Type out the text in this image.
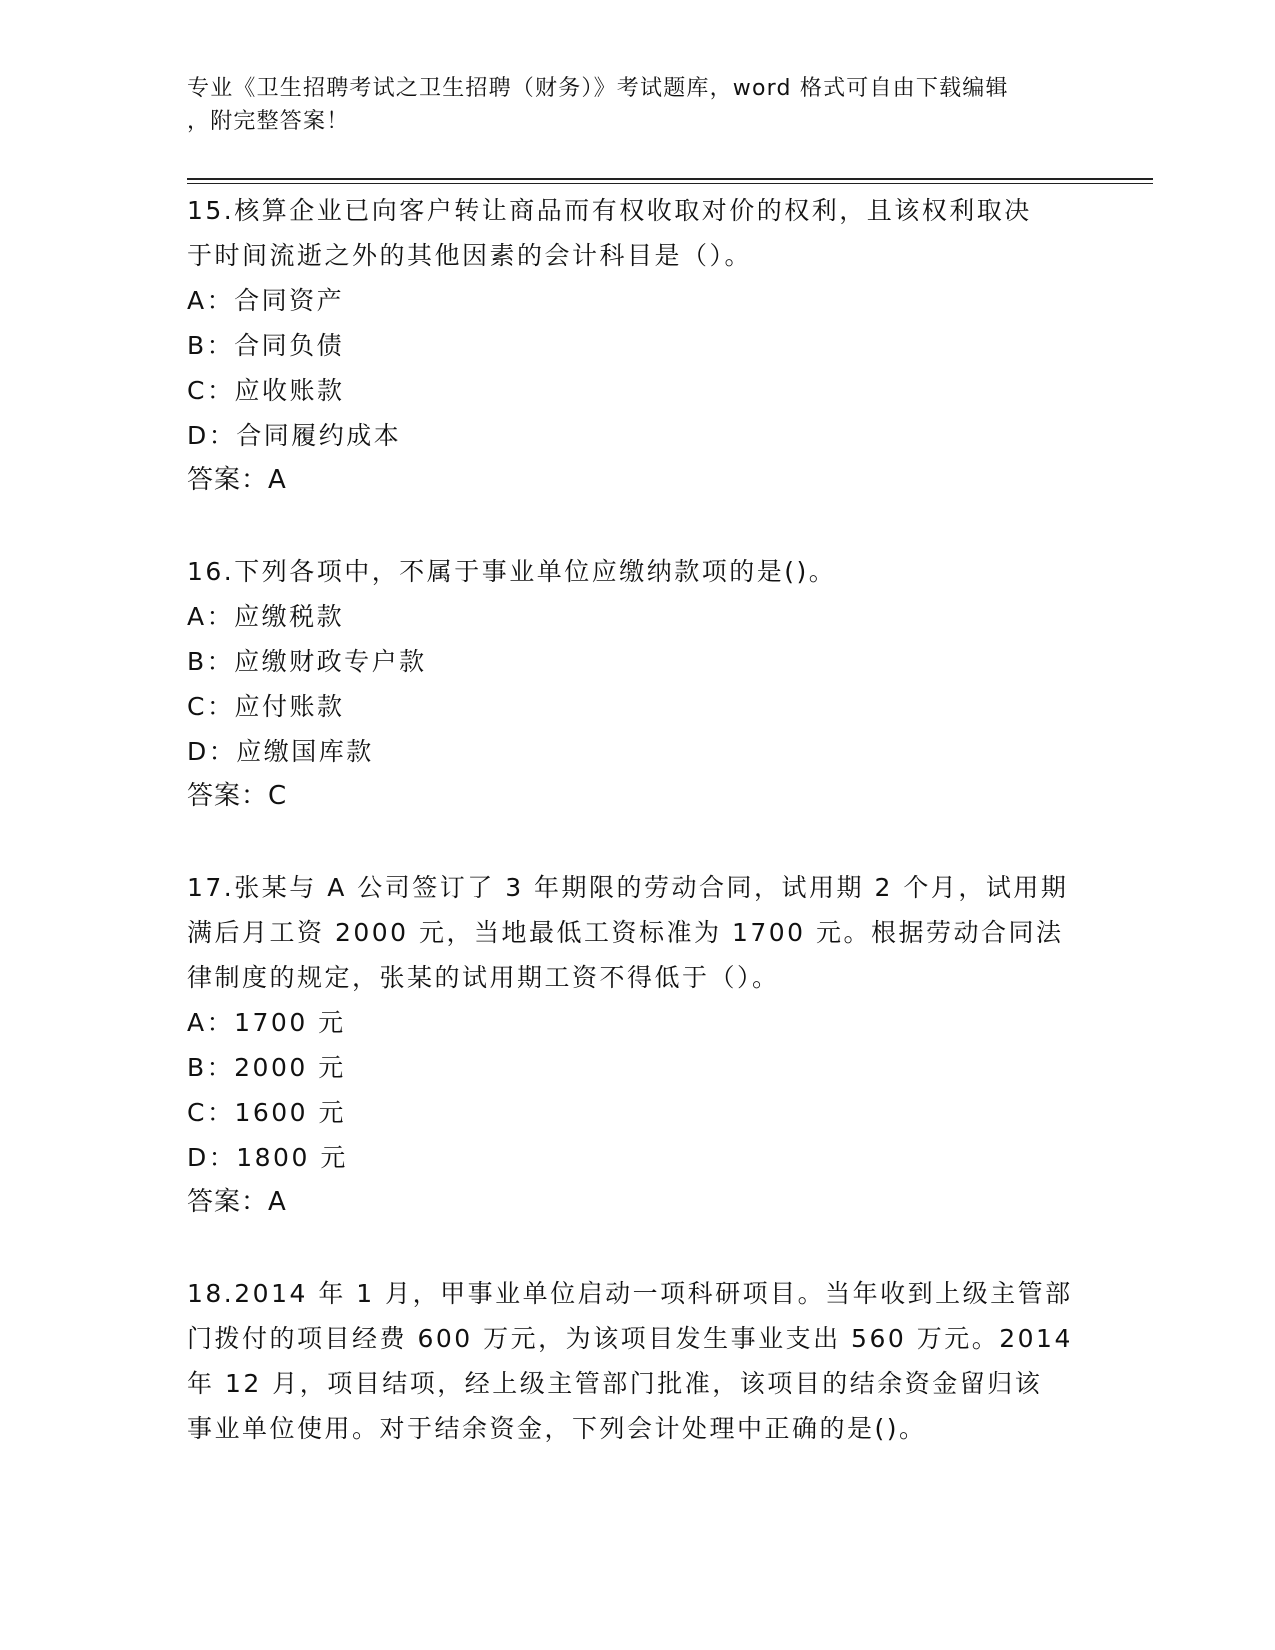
专业《卫生招聘考试之卫生招聘（财务）》考试题库，word 格式可自由下载编辑
，附完整答案！
15.核算企业已向客户转让商品而有权收取对价的权利，且该权利取决
于时间流逝之外的其他因素的会计科目是（）。
A：合同资产
B：合同负债
C：应收账款
D：合同履约成本
答案：A
16.下列各项中，不属于事业单位应缴纳款项的是()。
A：应缴税款
B：应缴财政专户款
C：应付账款
D：应缴国库款
答案：C
17.张某与 A 公司签订了 3 年期限的劳动合同，试用期 2 个月，试用期
满后月工资 2000 元，当地最低工资标准为 1700 元。根据劳动合同法
律制度的规定，张某的试用期工资不得低于（）。
A：1700 元
B：2000 元
C：1600 元
D：1800 元
答案：A
18.2014 年 1 月，甲事业单位启动一项科研项目。当年收到上级主管部
门拨付的项目经费 600 万元，为该项目发生事业支出 560 万元。2014
年 12 月，项目结项，经上级主管部门批准，该项目的结余资金留归该
事业单位使用。对于结余资金，下列会计处理中正确的是()。
